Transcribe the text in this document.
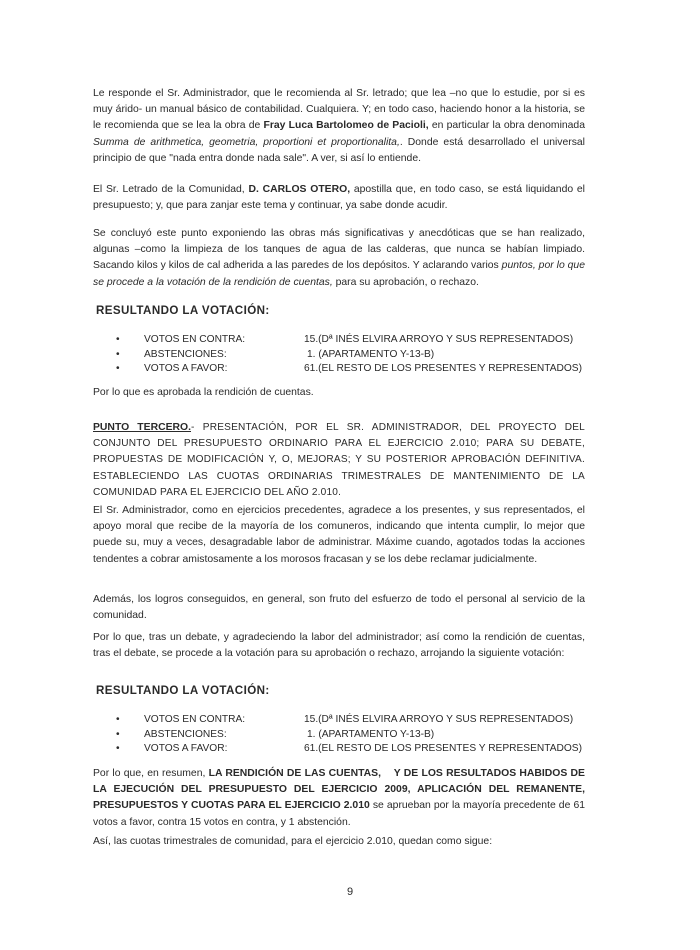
Le responde el Sr. Administrador, que le recomienda al Sr. letrado; que lea –no que lo estudie, por si es muy árido- un manual básico de contabilidad. Cualquiera. Y; en todo caso, haciendo honor a la historia, se le recomienda que se lea la obra de Fray Luca Bartolomeo de Pacioli, en particular la obra denominada Summa de arithmetica, geometria, proportioni et proportionalita,. Donde está desarrollado el universal principio de que "nada entra donde nada sale". A ver, si así lo entiende.

El Sr. Letrado de la Comunidad, D. CARLOS OTERO, apostilla que, en todo caso, se está liquidando el presupuesto; y, que para zanjar este tema y continuar, ya sabe donde acudir.

Se concluyó este punto exponiendo las obras más significativas y anecdóticas que se han realizado, algunas –como la limpieza de los tanques de agua de las calderas, que nunca se habían limpiado. Sacando kilos y kilos de cal adherida a las paredes de los depósitos. Y aclarando varios puntos, por lo que se procede a la votación de la rendición de cuentas, para su aprobación, o rechazo.

RESULTANDO LA VOTACIÓN:

•	VOTOS EN CONTRA:	15.(Dª INÉS ELVIRA ARROYO Y SUS REPRESENTADOS)
•	ABSTENCIONES:	1. (APARTAMENTO Y-13-B)
•	VOTOS A FAVOR:	61.(EL RESTO DE LOS PRESENTES Y REPRESENTADOS)

Por lo que es aprobada la rendición de cuentas.

PUNTO TERCERO.- PRESENTACIÓN, POR EL SR. ADMINISTRADOR, DEL PROYECTO DEL CONJUNTO DEL PRESUPUESTO ORDINARIO PARA EL EJERCICIO 2.010; PARA SU DEBATE, PROPUESTAS DE MODIFICACIÓN Y, O, MEJORAS; Y SU POSTERIOR APROBACIÓN DEFINITIVA. ESTABLECIENDO LAS CUOTAS ORDINARIAS TRIMESTRALES DE MANTENIMIENTO DE LA COMUNIDAD PARA EL EJERCICIO DEL AÑO 2.010.

El Sr. Administrador, como en ejercicios precedentes, agradece a los presentes, y sus representados, el apoyo moral que recibe de la mayoría de los comuneros, indicando que intenta cumplir, lo mejor que puede su, muy a veces, desagradable labor de administrar. Máxime cuando, agotados todas la acciones tendentes a cobrar amistosamente a los morosos fracasan y se los debe reclamar judicialmente.

Además, los logros conseguidos, en general, son fruto del esfuerzo de todo el personal al servicio de la comunidad.

Por lo que, tras un debate, y agradeciendo la labor del administrador; así como la rendición de cuentas, tras el debate, se procede a la votación para su aprobación o rechazo, arrojando la siguiente votación:

RESULTANDO LA VOTACIÓN:

•	VOTOS EN CONTRA:	15.(Dª INÉS ELVIRA ARROYO Y SUS REPRESENTADOS)
•	ABSTENCIONES:	1. (APARTAMENTO Y-13-B)
•	VOTOS A FAVOR:	61.(EL RESTO DE LOS PRESENTES Y REPRESENTADOS)

Por lo que, en resumen, LA RENDICIÓN DE LAS CUENTAS,    Y DE LOS RESULTADOS HABIDOS DE LA EJECUCIÓN DEL PRESUPUESTO DEL EJERCICIO 2009, APLICACIÓN DEL REMANENTE, PRESUPUESTOS Y CUOTAS PARA EL EJERCICIO 2.010 se aprueban por la mayoría precedente de 61 votos a favor, contra 15 votos en contra, y 1 abstención.

Así, las cuotas trimestrales de comunidad, para el ejercicio 2.010, quedan como sigue:

9
